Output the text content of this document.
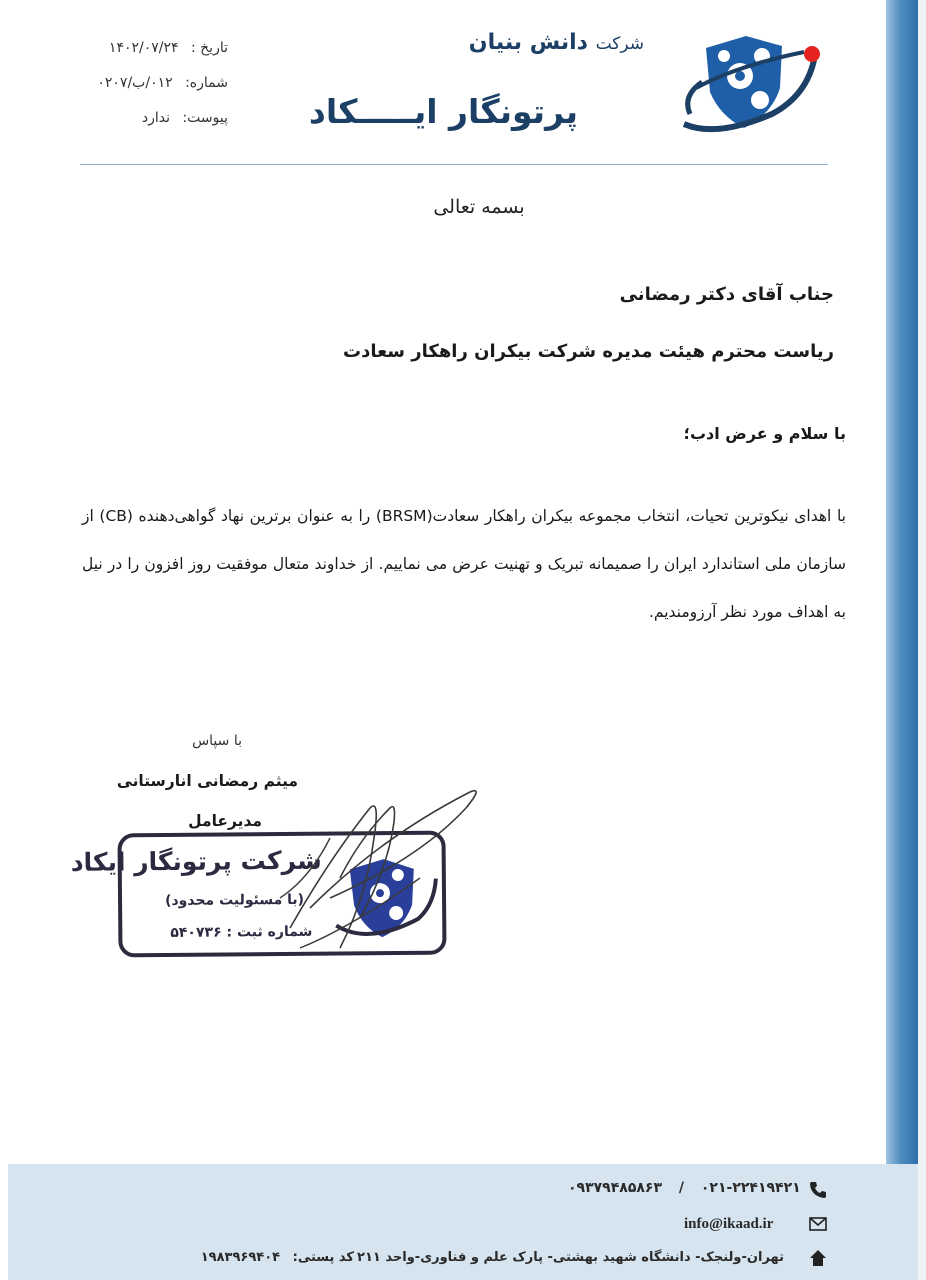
شرکت دانش بنیان
پرتونگار ایـــــکاد
تاریخ : ۱۴۰۲/۰۷/۲۴
شماره: ۰۱۲/ب/۰۲۰۷
پیوست: ندارد
بسمه تعالی
جناب آقای دکتر رمضانی
ریاست محترم هیئت مدیره شرکت بیکران راهکار سعادت
با سلام و عرض ادب؛
با اهدای نیکوترین تحیات، انتخاب مجموعه بیکران راهکار سعادت(BRSM) را به عنوان برترین نهاد گواهی‌دهنده (CB) از سازمان ملی استاندارد ایران را صمیمانه تبریک و تهنیت عرض می نماییم. از خداوند متعال موفقیت روز افزون را در نیل به اهداف مورد نظر آرزومندیم.
با سپاس
میثم رمضانی انارستانی
مدیرعامل
شرکت پرتونگار ایکاد
(با مسئولیت محدود)
شماره ثبت : ۵۴۰۷۳۶
۰۹۳۷۹۴۸۵۸۶۳ / ۰۲۱-۲۲۴۱۹۴۲۱
info@ikaad.ir
تهران-ولنجک- دانشگاه شهید بهشتی- پارک علم و فناوری-واحد ۲۱۱
کد پستی: ۱۹۸۳۹۶۹۴۰۴
